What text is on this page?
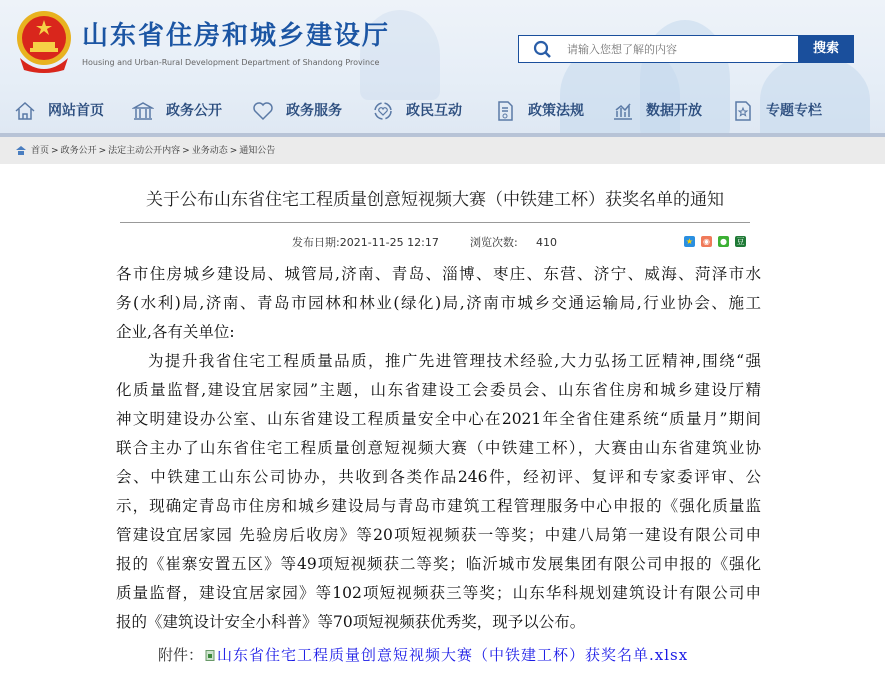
山东省住房和城乡建设厅
Housing and Urban-Rural Development Department of Shandong Province
请输入您想了解的内容
搜索
网站首页	政务公开	政务服务	政民互动	政策法规	数据开放	专题专栏
首页 > 政务公开 > 法定主动公开内容 > 业务动态 > 通知公告
关于公布山东省住宅工程质量创意短视频大赛（中铁建工杯）获奖名单的通知
发布日期:2021-11-25 12:17	浏览次数: 410	★ ◉ ● 豆
各市住房城乡建设局、城管局,济南、青岛、淄博、枣庄、东营、济宁、威海、菏泽市水
务(水利)局,济南、青岛市园林和林业(绿化)局,济南市城乡交通运输局,行业协会、施工
企业,各有关单位:
为提升我省住宅工程质量品质，推广先进管理技术经验,大力弘扬工匠精神,围绕“强
化质量监督,建设宜居家园”主题，山东省建设工会委员会、山东省住房和城乡建设厅精
神文明建设办公室、山东省建设工程质量安全中心在2021年全省住建系统“质量月”期间
联合主办了山东省住宅工程质量创意短视频大赛（中铁建工杯），大赛由山东省建筑业协
会、中铁建工山东公司协办，共收到各类作品246件，经初评、复评和专家委评审、公
示，现确定青岛市住房和城乡建设局与青岛市建筑工程管理服务中心申报的《强化质量监
管建设宜居家园 先验房后收房》等20项短视频获一等奖；中建八局第一建设有限公司申
报的《崔寨安置五区》等49项短视频获二等奖；临沂城市发展集团有限公司申报的《强化
质量监督，建设宜居家园》等102项短视频获三等奖；山东华科规划建筑设计有限公司申
报的《建筑设计安全小科普》等70项短视频获优秀奖，现予以公布。
附件： 山东省住宅工程质量创意短视频大赛（中铁建工杯）获奖名单.xlsx
